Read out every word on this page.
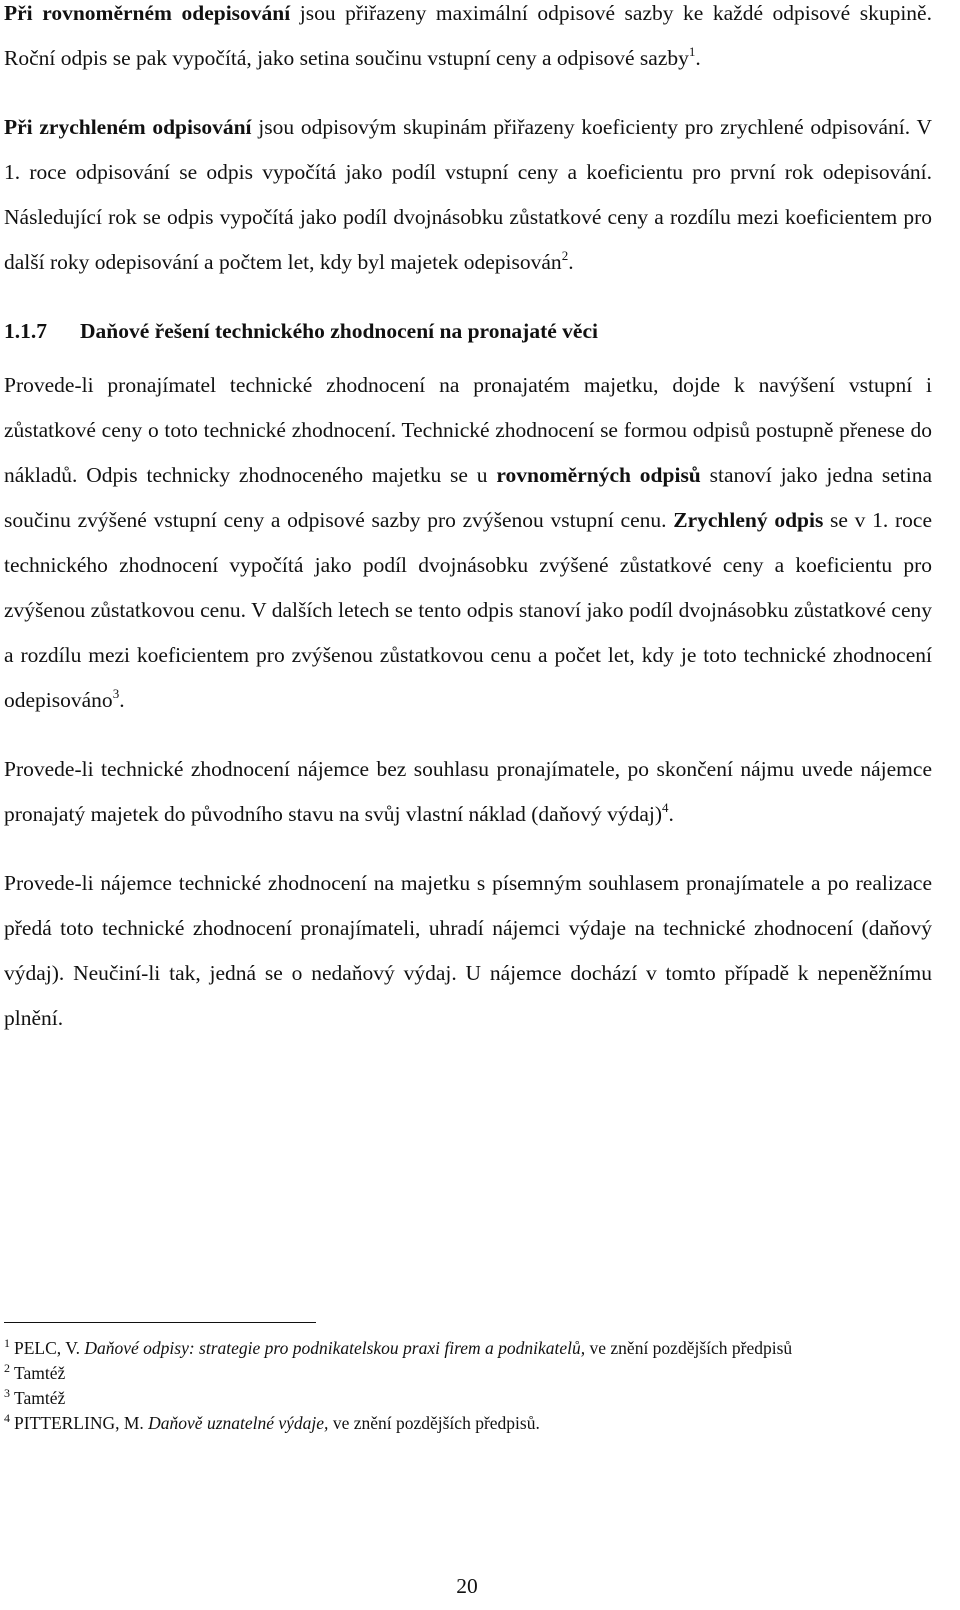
Při rovnoměrném odepisování jsou přiřazeny maximální odpisové sazby ke každé odpisové skupině. Roční odpis se pak vypočítá, jako setina součinu vstupní ceny a odpisové sazby$^1$.

Při zrychleném odpisování jsou odpisovým skupinám přiřazeny koeficienty pro zrychlené odpisování. V 1. roce odpisování se odpis vypočítá jako podíl vstupní ceny a koeficientu pro první rok odepisování. Následující rok se odpis vypočítá jako podíl dvojnásobku zůstatkové ceny a rozdílu mezi koeficientem pro další roky odepisování a počtem let, kdy byl majetek odepisován$^2$.

1.1.7 Daňové řešení technického zhodnocení na pronajaté věci

Provede-li pronajímatel technické zhodnocení na pronajatém majetku, dojde k navýšení vstupní i zůstatkové ceny o toto technické zhodnocení. Technické zhodnocení se formou odpisů postupně přenese do nákladů. Odpis technicky zhodnoceného majetku se u rovnoměrných odpisů stanoví jako jedna setina součinu zvýšené vstupní ceny a odpisové sazby pro zvýšenou vstupní cenu. Zrychlený odpis se v 1. roce technického zhodnocení vypočítá jako podíl dvojnásobku zvýšené zůstatkové ceny a koeficientu pro zvýšenou zůstatkovou cenu. V dalších letech se tento odpis stanoví jako podíl dvojnásobku zůstatkové ceny a rozdílu mezi koeficientem pro zvýšenou zůstatkovou cenu a počet let, kdy je toto technické zhodnocení odepisováno$^3$.

Provede-li technické zhodnocení nájemce bez souhlasu pronajímatele, po skončení nájmu uvede nájemce pronajatý majetek do původního stavu na svůj vlastní náklad (daňový výdaj)$^4$.

Provede-li nájemce technické zhodnocení na majetku s písemným souhlasem pronajímatele a po realizace předá toto technické zhodnocení pronajímateli, uhradí nájemci výdaje na technické zhodnocení (daňový výdaj). Neučiní-li tak, jedná se o nedaňový výdaj. U nájemce dochází v tomto případě k nepeněžnímu plnění.

$^1$ PELC, V. Daňové odpisy: strategie pro podnikatelskou praxi firem a podnikatelů, ve znění pozdějších předpisů

$^2$ Tamtéž

$^3$ Tamtéž

$^4$ PITTERLING, M. Daňově uznatelné výdaje, ve znění pozdějších předpisů.

20
